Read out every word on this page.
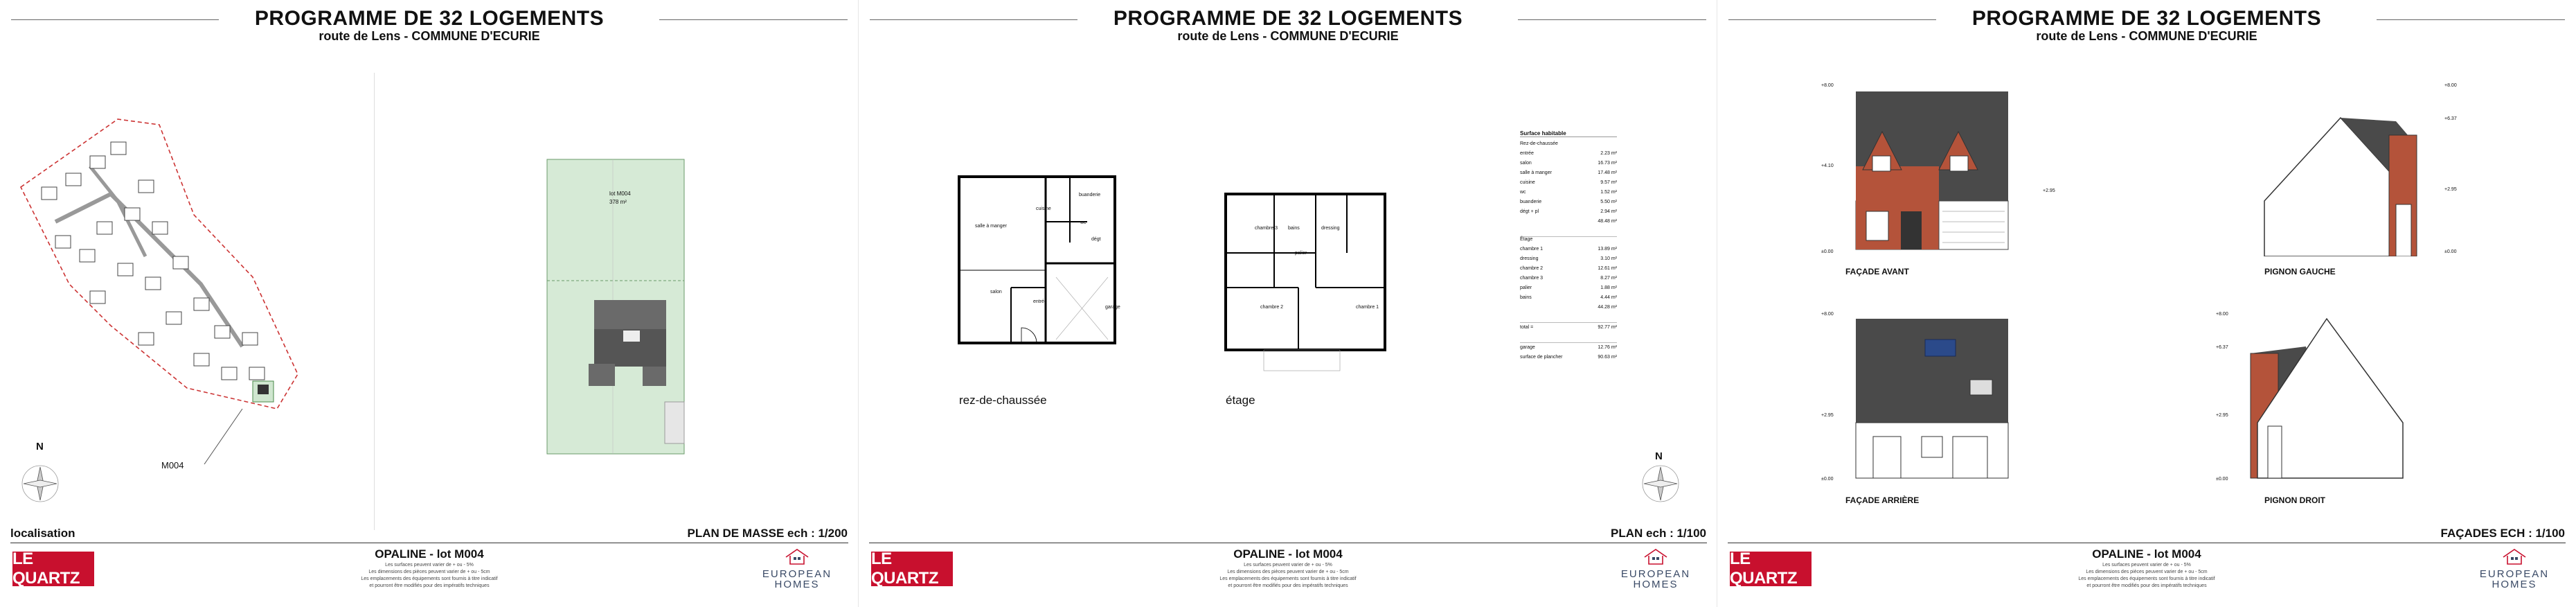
PROGRAMME DE 32 LOGEMENTS
route de Lens - COMMUNE D'ECURIE
M004
N
lot M004
378 m²
localisation	PLAN DE MASSE ech : 1/200
OPALINE - lot M004
Les surfaces peuvent varier de + ou - 5%
Les dimensions des pièces peuvent varier de + ou - 5cm
Les emplacements des équipements sont fournis à titre indicatif
et pourront être modifiés pour des impératifs techniques
LE QUARTZ	EUROPEAN
HOMES
PROGRAMME DE 32 LOGEMENTS
route de Lens - COMMUNE D'ECURIE
cuisine
buanderie
salle à manger
dégt
wc
salon
entrée
garage
rez-de-chaussée
chambre 3 bains	dressing
palier
chambre 2	chambre 1
étage
Surface habitable
Rez-de-chaussée
entrée	2.23 m²
salon	16.73 m²
salle à manger	17.48 m²
cuisine	9.57 m²
wc	1.52 m²
buanderie	5.50 m²
dégt + pl	2.94 m²
48.48 m²
Étage
chambre 1	13.89 m²
dressing	3.10 m²
chambre 2	12.61 m²
chambre 3	8.27 m²
palier	1.88 m²
bains	4.44 m²
44.28 m²
total =	92.77 m²
garage	12.76 m²
surface de plancher	90.63 m²
N
PLAN ech : 1/100
OPALINE - lot M004
Les surfaces peuvent varier de + ou - 5%
Les dimensions des pièces peuvent varier de + ou - 5cm
Les emplacements des équipements sont fournis à titre indicatif
et pourront être modifiés pour des impératifs techniques
LE QUARTZ	EUROPEAN
HOMES
PROGRAMME DE 32 LOGEMENTS
route de Lens - COMMUNE D'ECURIE
+8.00
+4.10
+2.95
±0.00
FAÇADE AVANT
+8.00
+6.37
+2.95
±0.00
PIGNON GAUCHE
+8.00
+2.95
±0.00
FAÇADE ARRIÈRE
+8.00
+6.37
+2.95
±0.00
PIGNON DROIT
FAÇADES ECH : 1/100
OPALINE - lot M004
Les surfaces peuvent varier de + ou - 5%
Les dimensions des pièces peuvent varier de + ou - 5cm
Les emplacements des équipements sont fournis à titre indicatif
et pourront être modifiés pour des impératifs techniques
LE QUARTZ	EUROPEAN
HOMES
